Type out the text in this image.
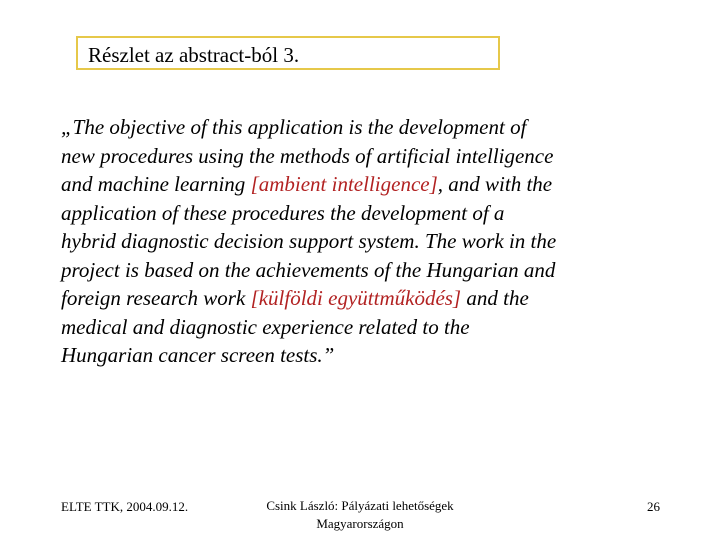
Részlet az abstract-ból 3.
„The objective of this application is the development of
new procedures using the methods of artificial intelligence
and machine learning [ambient intelligence], and with the
application of these procedures the development of a
hybrid diagnostic decision support system. The work in the
project is based on the achievements of the Hungarian and
foreign research work [külföldi együttműködés] and the
medical and diagnostic experience related to the
Hungarian cancer screen tests.”
ELTE TTK, 2004.09.12.	Csink László: Pályázati lehetőségek
Magyarországon
26
